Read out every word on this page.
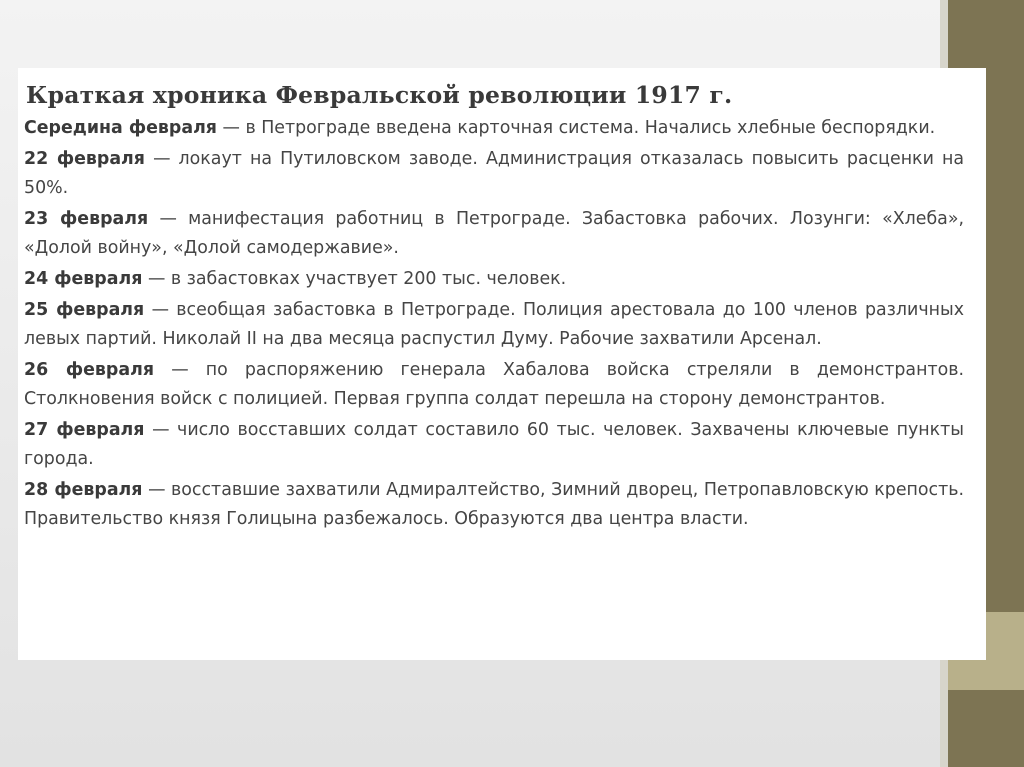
Краткая хроника Февральской революции 1917 г.
Середина февраля — в Петрограде введена карточная система. Начались хлебные беспорядки.
22 февраля — локаут на Путиловском заводе. Администрация отказалась повысить расценки на 50%.
23 февраля — манифестация работниц в Петрограде. Забастовка рабочих. Лозунги: «Хлеба», «Долой войну», «Долой самодержавие».
24 февраля — в забастовках участвует 200 тыс. человек.
25 февраля — всеобщая забастовка в Петрограде. Полиция арестовала до 100 членов различных левых партий. Николай II на два месяца распустил Думу. Рабочие захватили Арсенал.
26 февраля — по распоряжению генерала Хабалова войска стреляли в демонстрантов. Столкновения войск с полицией. Первая группа солдат перешла на сторону демонстрантов.
27 февраля — число восставших солдат составило 60 тыс. человек. Захвачены ключевые пункты города.
28 февраля — восставшие захватили Адмиралтейство, Зимний дворец, Петропавловскую крепость. Правительство князя Голицына разбежалось. Образуются два центра власти.
